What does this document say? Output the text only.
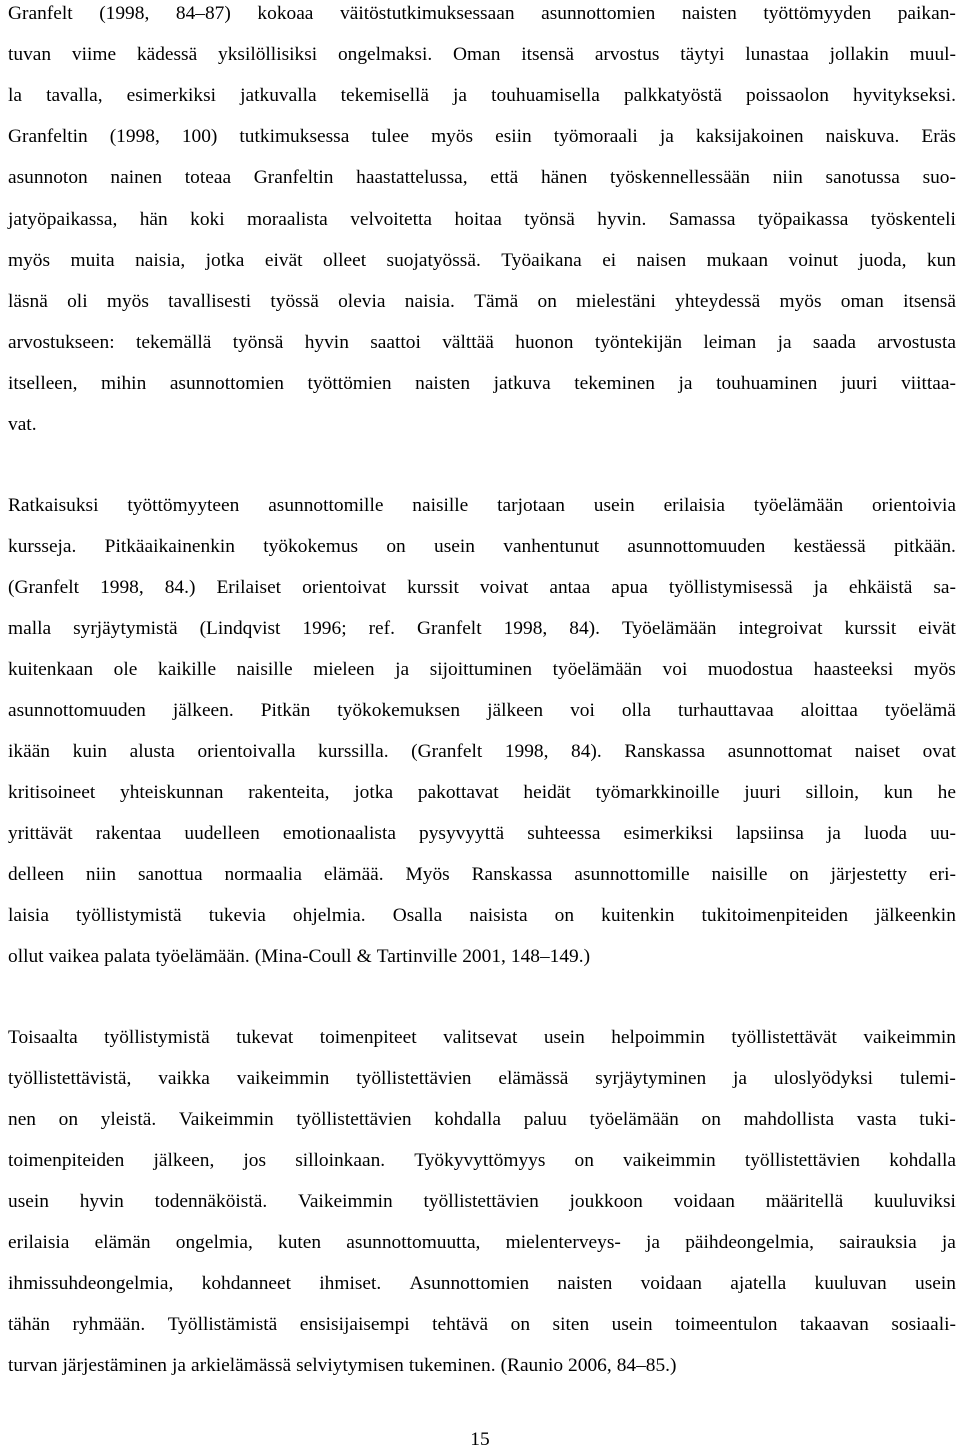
Granfelt (1998, 84–87) kokoaa väitöstutkimuksessaan asunnottomien naisten työttömyyden paikan-
tuvan viime kädessä yksilöllisiksi ongelmaksi. Oman itsensä arvostus täytyi lunastaa jollakin muul-
la tavalla, esimerkiksi jatkuvalla tekemisellä ja touhuamisella palkkatyöstä poissaolon hyvitykseksi.
Granfeltin (1998, 100) tutkimuksessa tulee myös esiin työmoraali ja kaksijakoinen naiskuva. Eräs
asunnoton nainen toteaa Granfeltin haastattelussa, että hänen työskennellessään niin sanotussa suo-
jatyöpaikassa, hän koki moraalista velvoitetta hoitaa työnsä hyvin. Samassa työpaikassa työskenteli
myös muita naisia, jotka eivät olleet suojatyössä. Työaikana ei naisen mukaan voinut juoda, kun
läsnä oli myös tavallisesti työssä olevia naisia. Tämä on mielestäni yhteydessä myös oman itsensä
arvostukseen: tekemällä työnsä hyvin saattoi välttää huonon työntekijän leiman ja saada arvostusta
itselleen, mihin asunnottomien työttömien naisten jatkuva tekeminen ja touhuaminen juuri viittaa-
vat.
Ratkaisuksi työttömyyteen asunnottomille naisille tarjotaan usein erilaisia työelämään orientoivia
kursseja. Pitkäaikainenkin työkokemus on usein vanhentunut asunnottomuuden kestäessä pitkään.
(Granfelt 1998, 84.) Erilaiset orientoivat kurssit voivat antaa apua työllistymisessä ja ehkäistä sa-
malla syrjäytymistä (Lindqvist 1996; ref. Granfelt 1998, 84). Työelämään integroivat kurssit eivät
kuitenkaan ole kaikille naisille mieleen ja sijoittuminen työelämään voi muodostua haasteeksi myös
asunnottomuuden jälkeen. Pitkän työkokemuksen jälkeen voi olla turhauttavaa aloittaa työelämä
ikään kuin alusta orientoivalla kurssilla. (Granfelt 1998, 84). Ranskassa asunnottomat naiset ovat
kritisoineet yhteiskunnan rakenteita, jotka pakottavat heidät työmarkkinoille juuri silloin, kun he
yrittävät rakentaa uudelleen emotionaalista pysyvyyttä suhteessa esimerkiksi lapsiinsa ja luoda uu-
delleen niin sanottua normaalia elämää. Myös Ranskassa asunnottomille naisille on järjestetty eri-
laisia työllistymistä tukevia ohjelmia. Osalla naisista on kuitenkin tukitoimenpiteiden jälkeenkin
ollut vaikea palata työelämään. (Mina-Coull & Tartinville 2001, 148–149.)
Toisaalta työllistymistä tukevat toimenpiteet valitsevat usein helpoimmin työllistettävät vaikeimmin
työllistettävistä, vaikka vaikeimmin työllistettävien elämässä syrjäytyminen ja uloslyödyksi tulemi-
nen on yleistä. Vaikeimmin työllistettävien kohdalla paluu työelämään on mahdollista vasta tuki-
toimenpiteiden jälkeen, jos silloinkaan. Työkyvyttömyys on vaikeimmin työllistettävien kohdalla
usein hyvin todennäköistä. Vaikeimmin työllistettävien joukkoon voidaan määritellä kuuluviksi
erilaisia elämän ongelmia, kuten asunnottomuutta, mielenterveys- ja päihdeongelmia, sairauksia ja
ihmissuhdeongelmia, kohdanneet ihmiset. Asunnottomien naisten voidaan ajatella kuuluvan usein
tähän ryhmään. Työllistämistä ensisijaisempi tehtävä on siten usein toimeentulon takaavan sosiaali-
turvan järjestäminen ja arkielämässä selviytymisen tukeminen. (Raunio 2006, 84–85.)
15
